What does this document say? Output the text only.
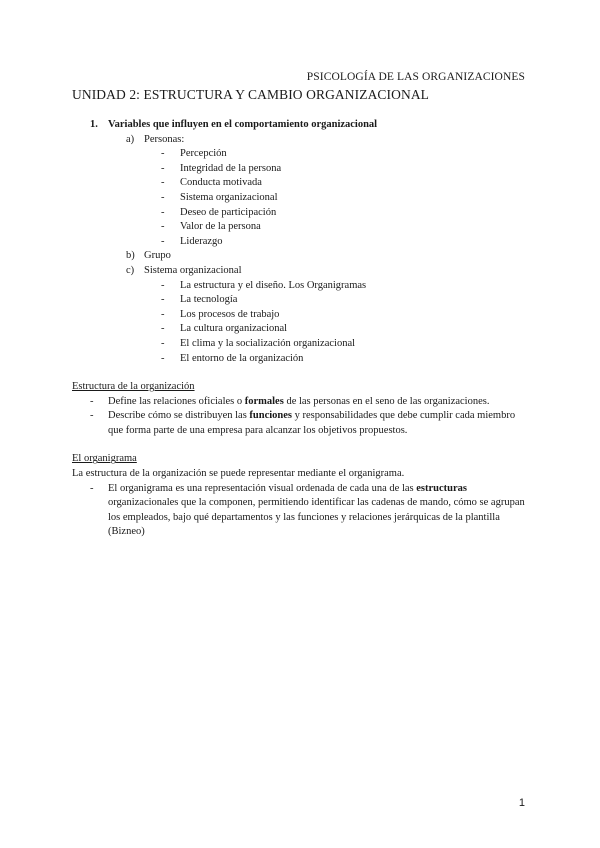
PSICOLOGÍA DE LAS ORGANIZACIONES
UNIDAD 2: ESTRUCTURA Y CAMBIO ORGANIZACIONAL
1. Variables que influyen en el comportamiento organizacional
a) Personas:
- Percepción
- Integridad de la persona
- Conducta motivada
- Sistema organizacional
- Deseo de participación
- Valor de la persona
- Liderazgo
b) Grupo
c) Sistema organizacional
- La estructura y el diseño. Los Organigramas
- La tecnología
- Los procesos de trabajo
- La cultura organizacional
- El clima y la socialización organizacional
- El entorno de la organización
Estructura de la organización
- Define las relaciones oficiales o formales de las personas en el seno de las organizaciones.
- Describe cómo se distribuyen las funciones y responsabilidades que debe cumplir cada miembro que forma parte de una empresa para alcanzar los objetivos propuestos.
El organigrama

La estructura de la organización se puede representar mediante el organigrama.

- El organigrama es una representación visual ordenada de cada una de las estructuras organizacionales que la componen, permitiendo identificar las cadenas de mando, cómo se agrupan los empleados, bajo qué departamentos y las funciones y relaciones jerárquicas de la plantilla (Bizneo)
1
